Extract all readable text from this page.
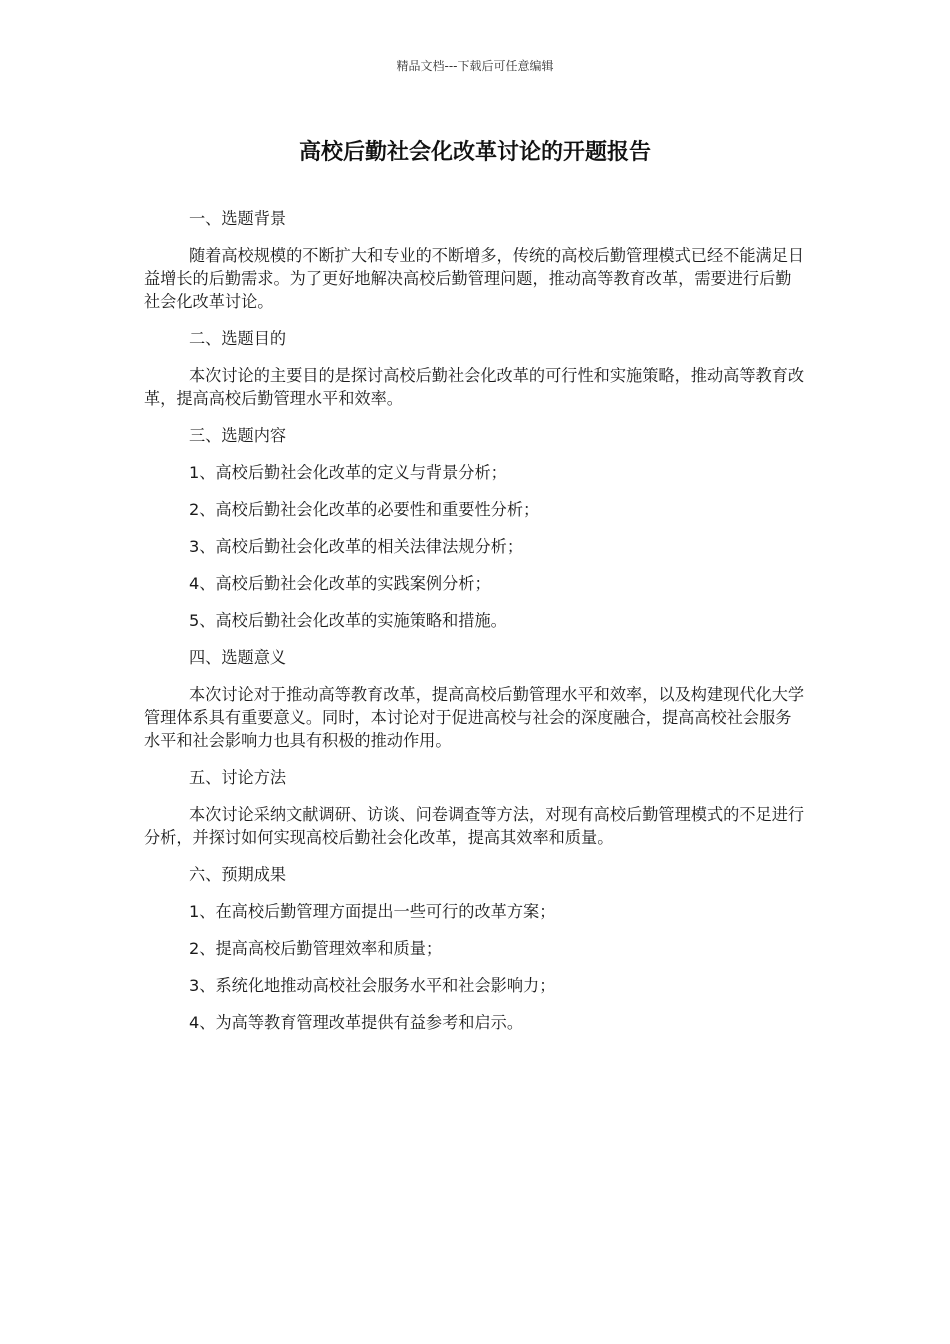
精品文档---下载后可任意编辑
高校后勤社会化改革讨论的开题报告

一、选题背景

随着高校规模的不断扩大和专业的不断增多，传统的高校后勤管理模式已经不能满足日益增长的后勤需求。为了更好地解决高校后勤管理问题，推动高等教育改革，需要进行后勤社会化改革讨论。

二、选题目的

本次讨论的主要目的是探讨高校后勤社会化改革的可行性和实施策略，推动高等教育改革，提高高校后勤管理水平和效率。

三、选题内容

1、高校后勤社会化改革的定义与背景分析；

2、高校后勤社会化改革的必要性和重要性分析；

3、高校后勤社会化改革的相关法律法规分析；

4、高校后勤社会化改革的实践案例分析；

5、高校后勤社会化改革的实施策略和措施。

四、选题意义

本次讨论对于推动高等教育改革，提高高校后勤管理水平和效率，以及构建现代化大学管理体系具有重要意义。同时，本讨论对于促进高校与社会的深度融合，提高高校社会服务水平和社会影响力也具有积极的推动作用。

五、讨论方法

本次讨论采纳文献调研、访谈、问卷调查等方法，对现有高校后勤管理模式的不足进行分析，并探讨如何实现高校后勤社会化改革，提高其效率和质量。

六、预期成果

1、在高校后勤管理方面提出一些可行的改革方案；

2、提高高校后勤管理效率和质量；

3、系统化地推动高校社会服务水平和社会影响力；

4、为高等教育管理改革提供有益参考和启示。
